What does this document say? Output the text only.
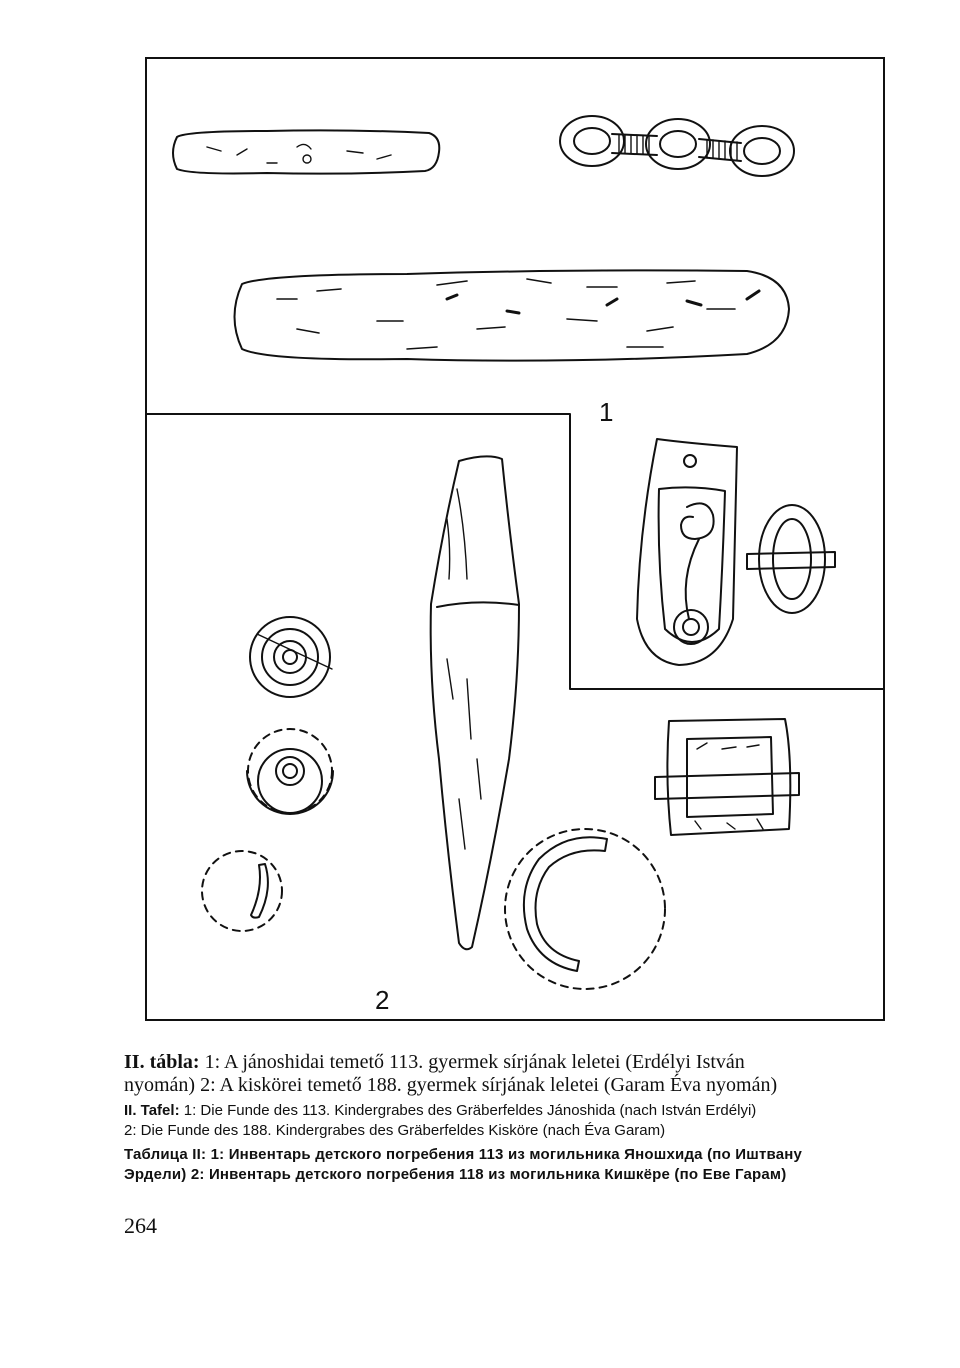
1
2
II. tábla: 1: A jánoshidai temető 113. gyermek sírjának leletei (Erdélyi István
nyomán) 2: A kiskörei temető 188. gyermek sírjának leletei (Garam Éva nyomán)
II. Tafel: 1: Die Funde des 113. Kindergrabes des Gräberfeldes Jánoshida (nach István Erdélyi)
2: Die Funde des 188. Kindergrabes des Gräberfeldes Kisköre (nach Éva Garam)
Таблица II: 1: Инвентарь детского погребения 113 из могильника Яношхида (по Иштвану
Эрдели) 2: Инвентарь детского погребения 118 из могильника Кишкёре (по Еве Гарам)
264
